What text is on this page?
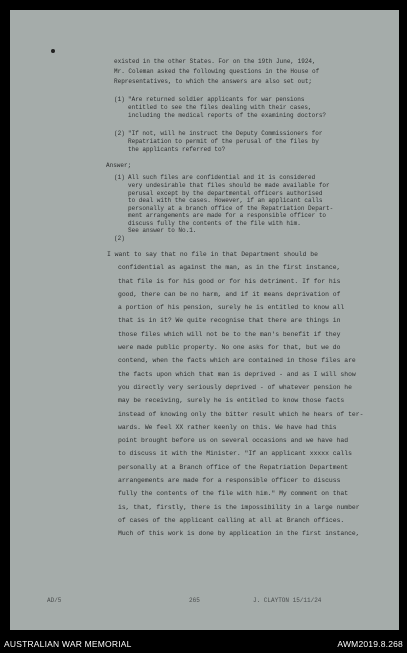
existed in the other States. For on the 19th June, 1924,

Mr. Coleman asked the following questions in the House of

Representatives, to which the answers are also set out;

(1) "Are returned soldier applicants for war pensions

entitled to see the files dealing with their cases,

including the medical reports of the examining doctors?

(2) "If not, will he instruct the Deputy Commissioners for

Repatriation to permit of the perusal of the files by

the applicants referred to?

Answer;

(1) All such files are confidential and it is considered

very undesirable that files should be made available for

perusal except by the departmental officers authorised

to deal with the cases. However, if an applicant calls

personally at a branch office of the Repatriation Depart-

ment arrangements are made for a responsible officer to

discuss fully the contents of the file with him.

See answer to No.1.

(2)

I want to say that no file in that Department should be

confidential as against the man, as in the first instance,

that file is for his good or for his detriment. If for his

good, there can be no harm, and if it means deprivation of

a portion of his pension, surely he is entitled to know all

that is in it? We quite recognise that there are things in

those files which will not be to the man's benefit if they

were made public property. No one asks for that, but we do

contend, when the facts which are contained in those files are

the facts upon which that man is deprived - and as I will show

you directly very seriously deprived - of whatever pension he

may be receiving, surely he is entitled to know those facts

instead of knowing only the bitter result which he hears of ter-

wards. We feel XX rather keenly on this. We have had this

point brought before us on several occasions and we have had

to discuss it with the Minister. "If an applicant xxxxx calls

personally at a Branch office of the Repatriation Department

arrangements are made for a responsible officer to discuss

fully the contents of the file with him." My comment on that

is, that, firstly, there is the impossibility in a large number

of cases of the applicant calling at all at Branch offices.

Much of this work is done by application in the first instance,

AD/5	265	J. CLAYTON 15/11/24
AUSTRALIAN WAR MEMORIAL	AWM2019.8.268
